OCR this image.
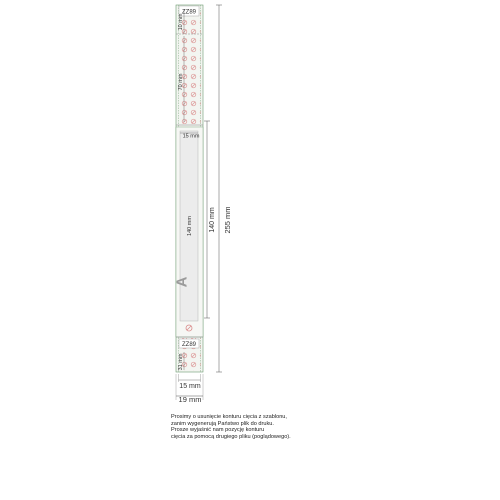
ZZ89
10 mm
70 mm
15 mm
140 mm
A
ZZ89
31 mm
140 mm 255 mm
15 mm
19 mm

Prosimy o usunięcie konturu cięcia z szablonu,
zanim wygenerują Państwo plik do druku.
Prosze wyjaśnić nam pozycję konturu
cięcia za pomocą drugiego pliku (poglądowego).
